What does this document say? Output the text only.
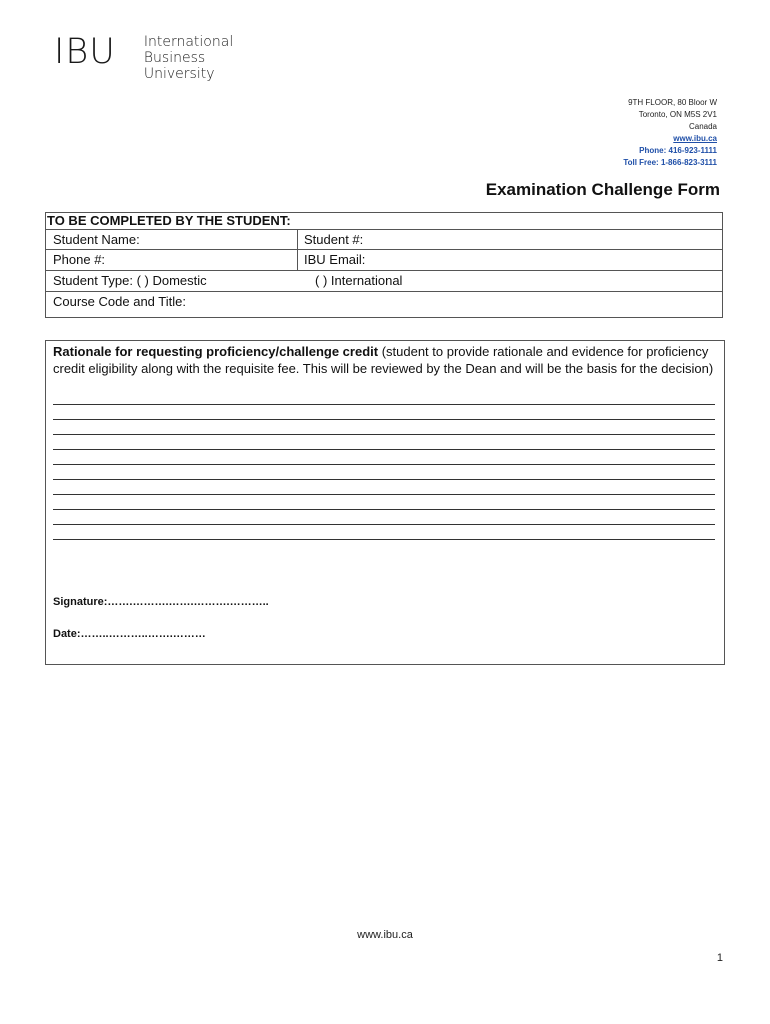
IBU International
Business
University
9TH FLOOR, 80 Bloor W
Toronto, ON M5S 2V1
Canada
www.ibu.ca
Phone: 416-923-1111
Toll Free: 1-866-823-3111
Examination Challenge Form
TO BE COMPLETED BY THE STUDENT:
Student Name:	Student #:
Phone #:	IBU Email:
Student Type: ( ) Domestic	( ) International
Course Code and Title:
Rationale for requesting proficiency/challenge credit (student to provide rationale and evidence for proficiency credit eligibility along with the requisite fee. This will be reviewed by the Dean and will be the basis for the decision)
Signature:…….……….…….……….………..
Date:……..………..…….………
www.ibu.ca
1
